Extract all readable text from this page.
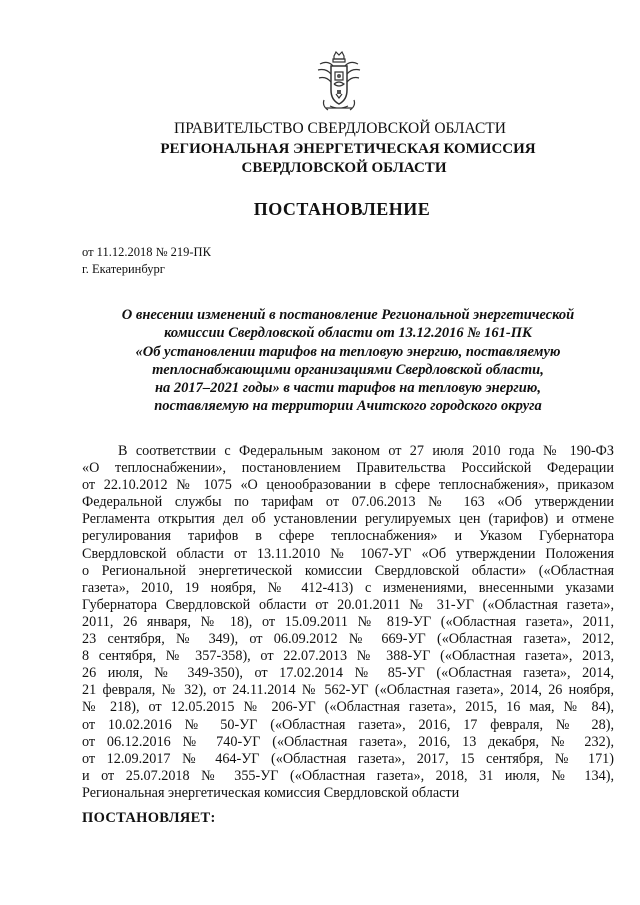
ПРАВИТЕЛЬСТВО СВЕРДЛОВСКОЙ ОБЛАСТИ
РЕГИОНАЛЬНАЯ ЭНЕРГЕТИЧЕСКАЯ КОМИССИЯ
СВЕРДЛОВСКОЙ ОБЛАСТИ
ПОСТАНОВЛЕНИЕ
от 11.12.2018 № 219-ПК
г. Екатеринбург
О внесении изменений в постановление Региональной энергетической
комиссии Свердловской области от 13.12.2016 № 161-ПК
«Об установлении тарифов на тепловую энергию, поставляемую
теплоснабжающими организациями Свердловской области,
на 2017–2021 годы» в части тарифов на тепловую энергию,
поставляемую на территории Ачитского городского округа
В соответствии с Федеральным законом от 27 июля 2010 года № 190-ФЗ
«О теплоснабжении», постановлением Правительства Российской Федерации
от 22.10.2012 № 1075 «О ценообразовании в сфере теплоснабжения», приказом
Федеральной службы по тарифам от 07.06.2013 № 163 «Об утверждении
Регламента открытия дел об установлении регулируемых цен (тарифов) и отмене
регулирования тарифов в сфере теплоснабжения» и Указом Губернатора
Свердловской области от 13.11.2010 № 1067-УГ «Об утверждении Положения
о Региональной энергетической комиссии Свердловской области» («Областная
газета», 2010, 19 ноября, № 412-413) с изменениями, внесенными указами
Губернатора Свердловской области от 20.01.2011 № 31-УГ («Областная газета»,
2011, 26 января, № 18), от 15.09.2011 № 819-УГ («Областная газета», 2011,
23 сентября, № 349), от 06.09.2012 № 669-УГ («Областная газета», 2012,
8 сентября, № 357-358), от 22.07.2013 № 388-УГ («Областная газета», 2013,
26 июля, № 349-350), от 17.02.2014 № 85-УГ («Областная газета», 2014,
21 февраля, № 32), от 24.11.2014 № 562-УГ («Областная газета», 2014, 26 ноября,
№ 218), от 12.05.2015 № 206-УГ («Областная газета», 2015, 16 мая, № 84),
от 10.02.2016 № 50-УГ («Областная газета», 2016, 17 февраля, № 28),
от 06.12.2016 № 740-УГ («Областная газета», 2016, 13 декабря, № 232),
от 12.09.2017 № 464-УГ («Областная газета», 2017, 15 сентября, № 171)
и от 25.07.2018 № 355-УГ («Областная газета», 2018, 31 июля, № 134),
Региональная энергетическая комиссия Свердловской области
ПОСТАНОВЛЯЕТ:
